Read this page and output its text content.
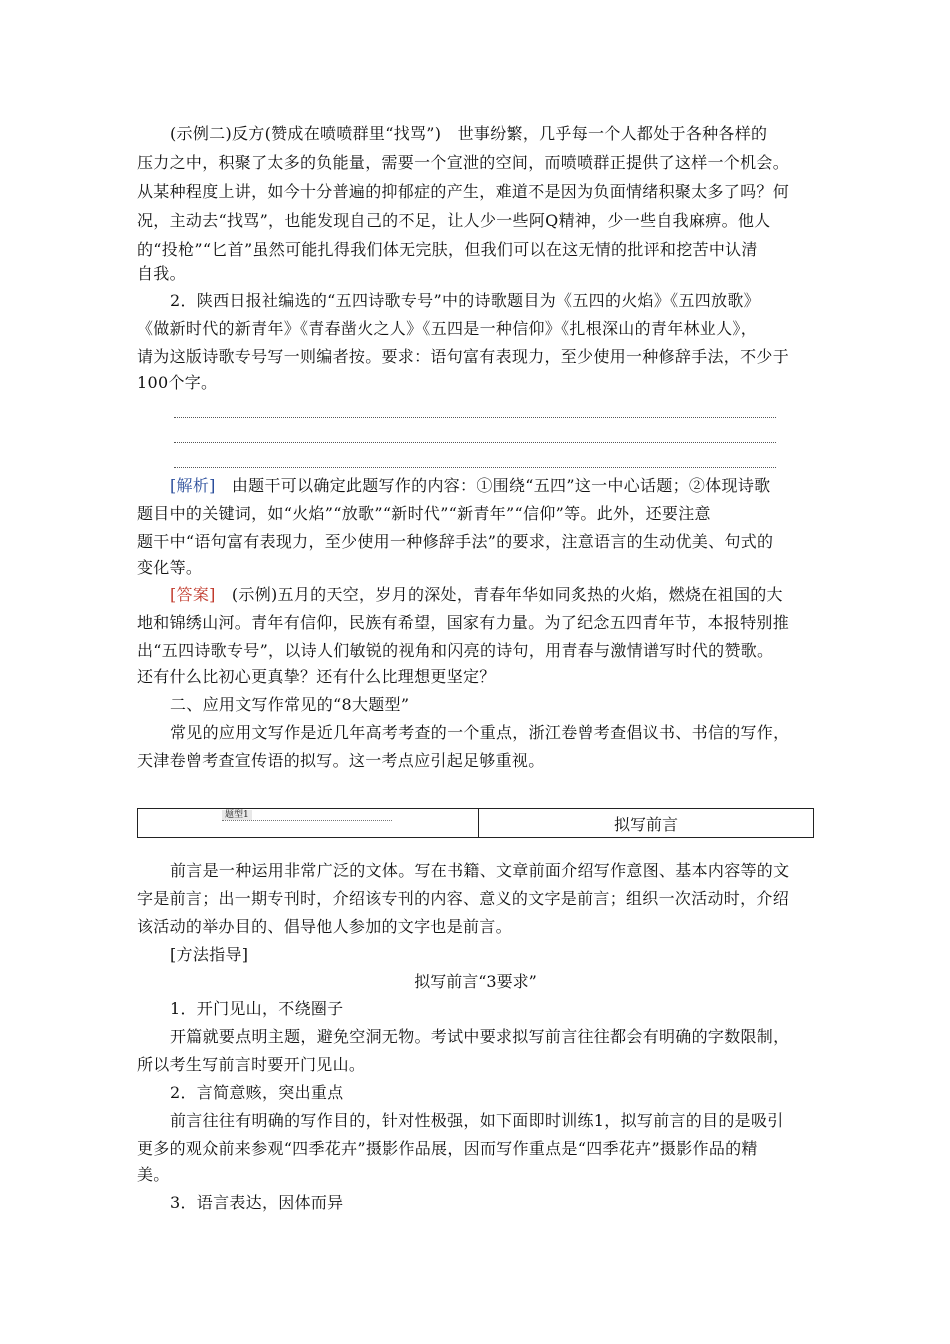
(示例二)反方(赞成在喷喷群里“找骂”)　世事纷繁，几乎每一个人都处于各种各样的
压力之中，积聚了太多的负能量，需要一个宣泄的空间，而喷喷群正提供了这样一个机会。
从某种程度上讲，如今十分普遍的抑郁症的产生，难道不是因为负面情绪积聚太多了吗？何
况，主动去“找骂”，也能发现自己的不足，让人少一些阿Q精神，少一些自我麻痹。他人
的“投枪”“匕首”虽然可能扎得我们体无完肤，但我们可以在这无情的批评和挖苦中认清
自我。
2．陕西日报社编选的“五四诗歌专号”中的诗歌题目为《五四的火焰》《五四放歌》
《做新时代的新青年》《青春凿火之人》《五四是一种信仰》《扎根深山的青年林业人》，
请为这版诗歌专号写一则编者按。要求：语句富有表现力，至少使用一种修辞手法，不少于
100个字。
[解析] 由题干可以确定此题写作的内容：①围绕“五四”这一中心话题；②体现诗歌
题目中的关键词，如“火焰”“放歌”“新时代”“新青年”“信仰”等。此外，还要注意
题干中“语句富有表现力，至少使用一种修辞手法”的要求，注意语言的生动优美、句式的
变化等。
[答案] (示例)五月的天空，岁月的深处，青春年华如同炙热的火焰，燃烧在祖国的大
地和锦绣山河。青年有信仰，民族有希望，国家有力量。为了纪念五四青年节，本报特别推
出“五四诗歌专号”，以诗人们敏锐的视角和闪亮的诗句，用青春与激情谱写时代的赞歌。
还有什么比初心更真挚？还有什么比理想更坚定？
二、应用文写作常见的“8大题型”
常见的应用文写作是近几年高考考查的一个重点，浙江卷曾考查倡议书、书信的写作，
天津卷曾考查宣传语的拟写。这一考点应引起足够重视。
题型1	拟写前言
前言是一种运用非常广泛的文体。写在书籍、文章前面介绍写作意图、基本内容等的文
字是前言；出一期专刊时，介绍该专刊的内容、意义的文字是前言；组织一次活动时，介绍
该活动的举办目的、倡导他人参加的文字也是前言。
[方法指导]
拟写前言“3要求”
1．开门见山，不绕圈子
开篇就要点明主题，避免空洞无物。考试中要求拟写前言往往都会有明确的字数限制，
所以考生写前言时要开门见山。
2．言简意赅，突出重点
前言往往有明确的写作目的，针对性极强，如下面即时训练1，拟写前言的目的是吸引
更多的观众前来参观“四季花卉”摄影作品展，因而写作重点是“四季花卉”摄影作品的精
美。
3．语言表达，因体而异
